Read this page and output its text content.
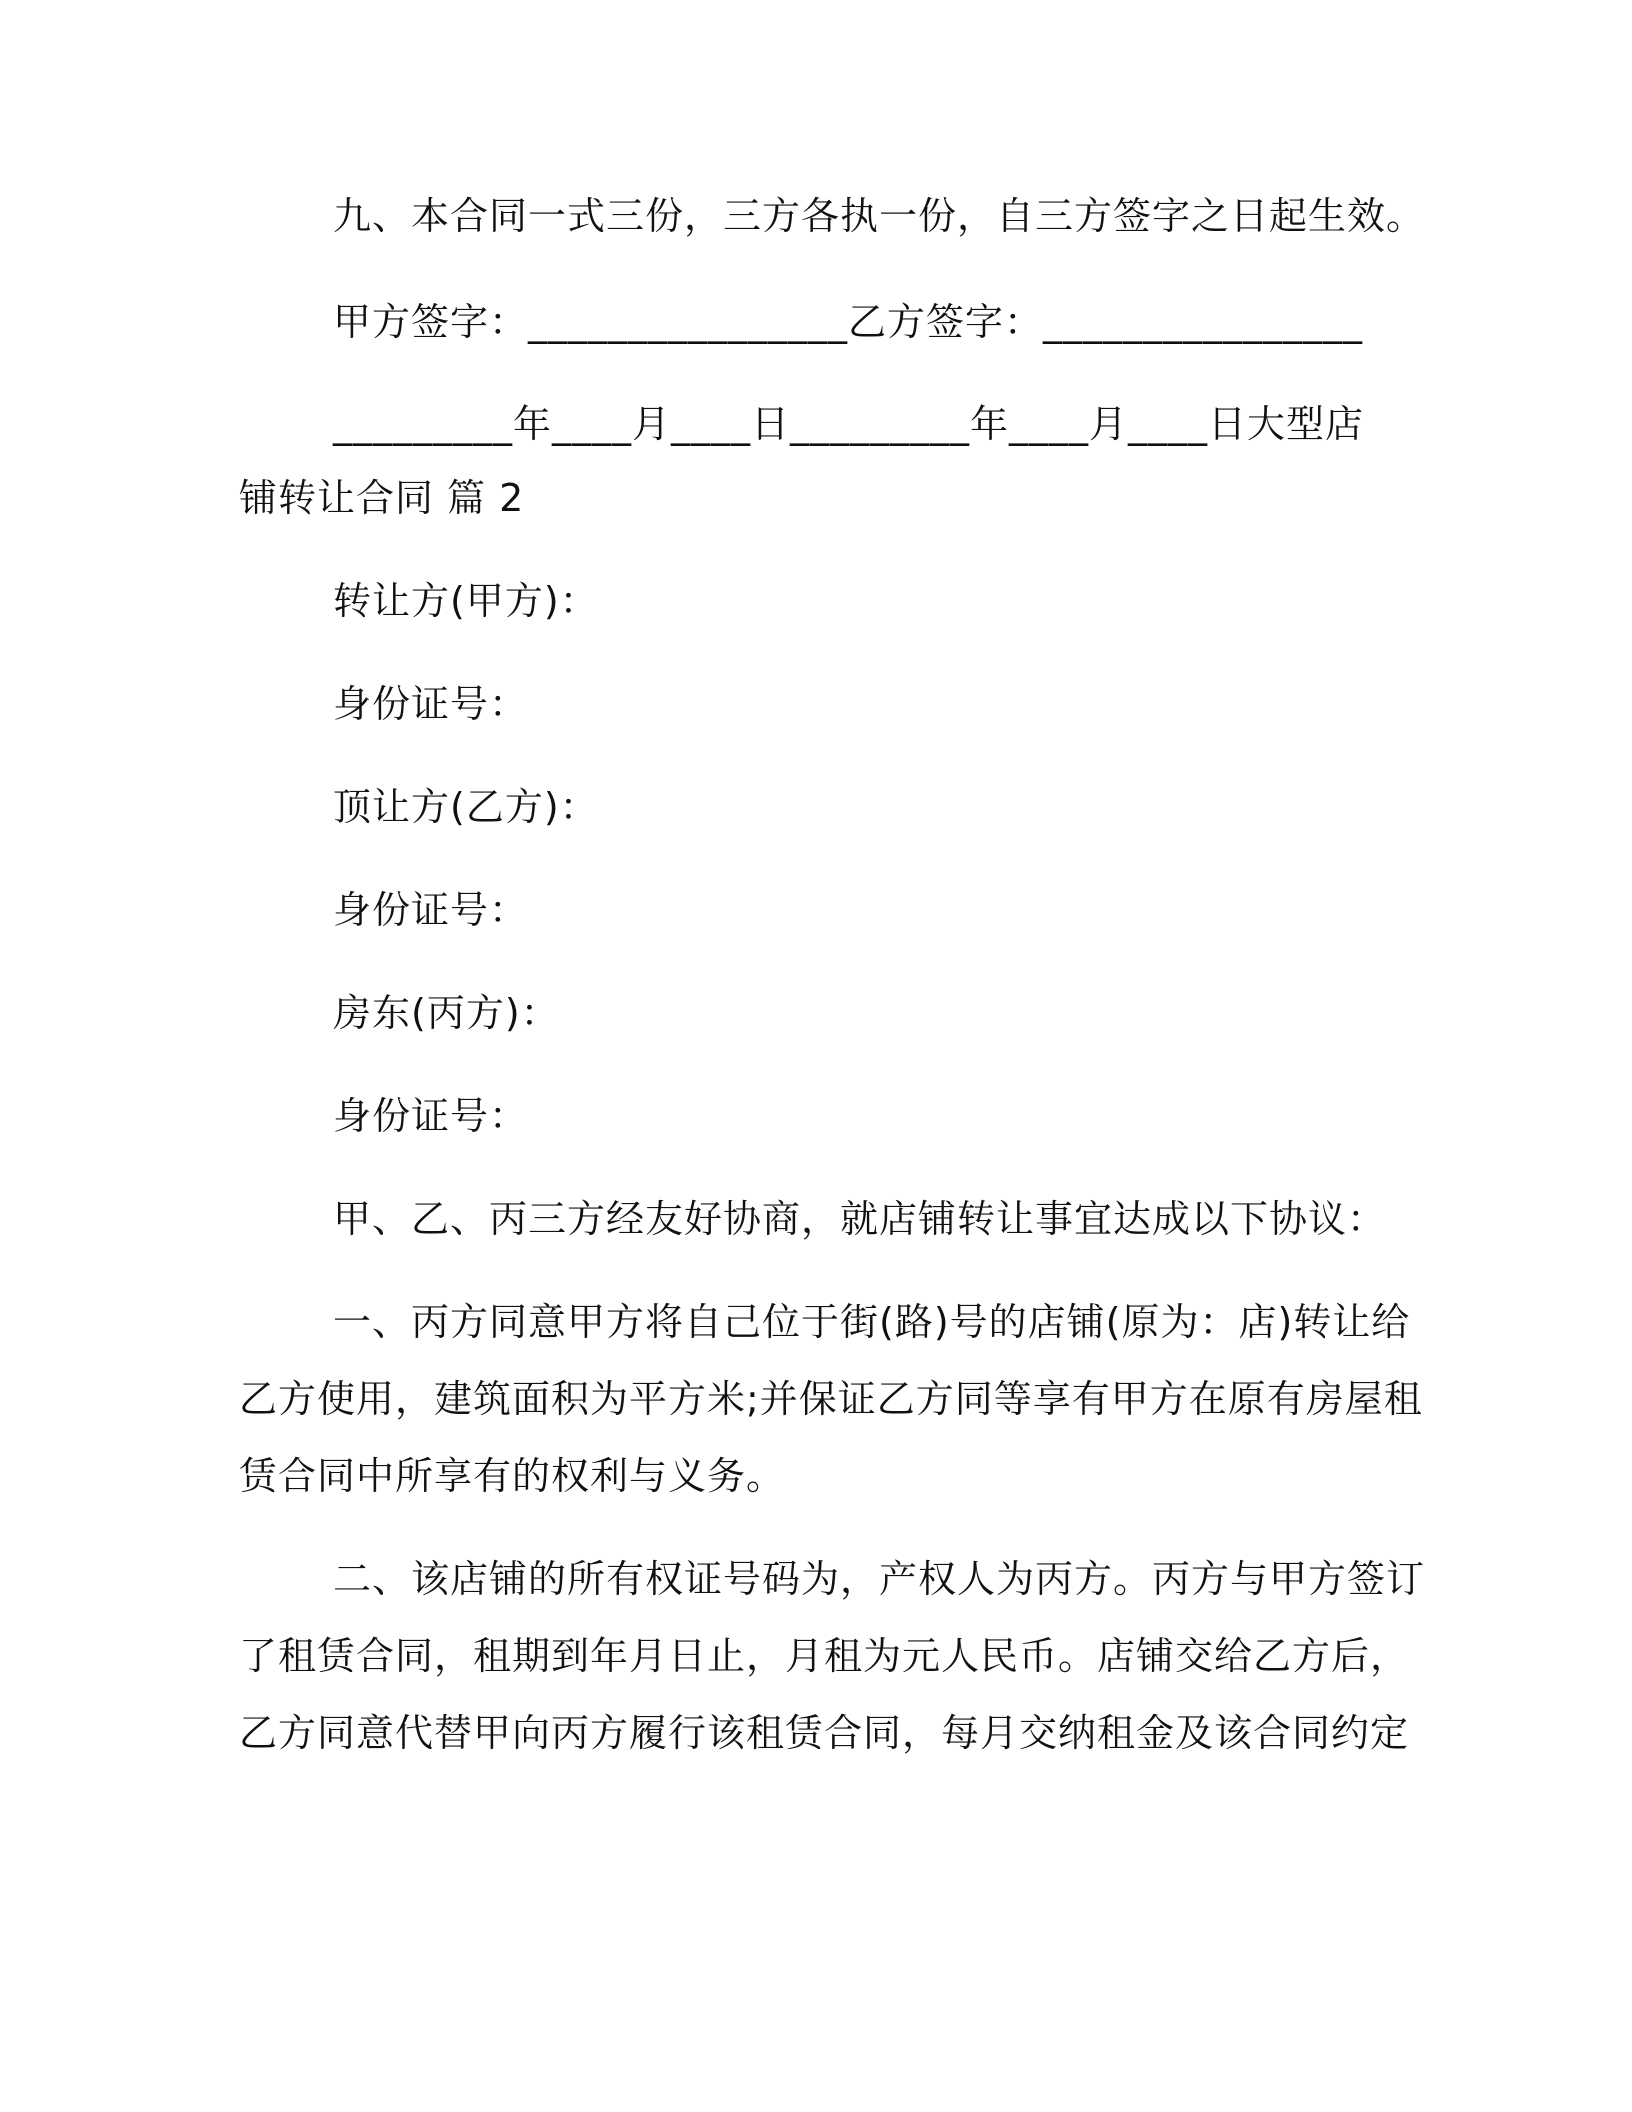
九、本合同一式三份，三方各执一份，自三方签字之日起生效。
甲方签字：________________乙方签字：________________
_________年____月____日_________年____月____日大型店
铺转让合同 篇 2
转让方(甲方)：
身份证号：
顶让方(乙方)：
身份证号：
房东(丙方)：
身份证号：
甲、乙、丙三方经友好协商，就店铺转让事宜达成以下协议：
一、丙方同意甲方将自己位于街(路)号的店铺(原为：店)转让给
乙方使用，建筑面积为平方米;并保证乙方同等享有甲方在原有房屋租
赁合同中所享有的权利与义务。
二、该店铺的所有权证号码为，产权人为丙方。丙方与甲方签订
了租赁合同，租期到年月日止，月租为元人民币。店铺交给乙方后，
乙方同意代替甲向丙方履行该租赁合同，每月交纳租金及该合同约定
